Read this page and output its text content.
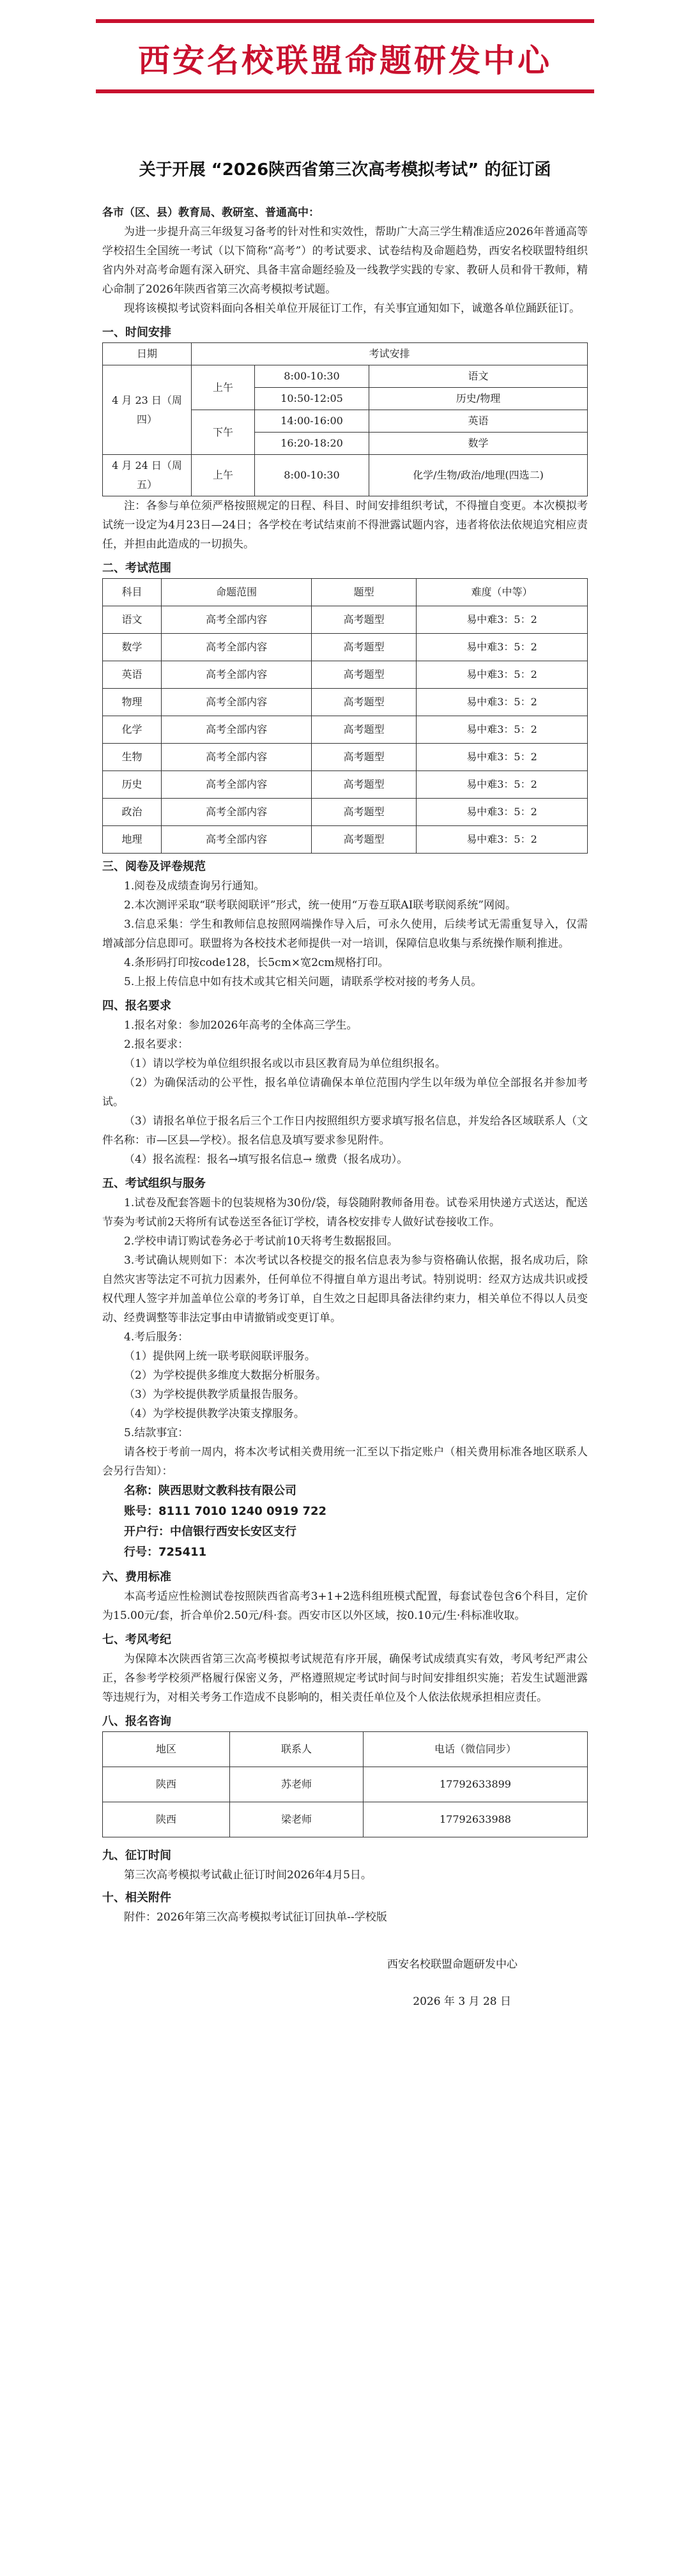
西安名校联盟命题研发中心
关于开展 “2026陕西省第三次高考模拟考试” 的征订函

各市（区、县）教育局、教研室、普通高中：

为进一步提升高三年级复习备考的针对性和实效性，帮助广大高三学生精准适应2026年普通高等学校招生全国统一考试（以下简称“高考”）的考试要求、试卷结构及命题趋势，西安名校联盟特组织省内外对高考命题有深入研究、具备丰富命题经验及一线教学实践的专家、教研人员和骨干教师，精心命制了2026年陕西省第三次高考模拟考试题。

现将该模拟考试资料面向各相关单位开展征订工作，有关事宜通知如下，诚邀各单位踊跃征订。

一、时间安排

日期	考试安排		
4 月 23 日（周四）	上午	8:00-10:30	语文
		10:50-12:05	历史/物理
	下午	14:00-16:00	英语
		16:20-18:20	数学
4 月 24 日（周五）	上午	8:00-10:30	化学/生物/政治/地理(四选二)

注：各参与单位须严格按照规定的日程、科目、时间安排组织考试，不得擅自变更。本次模拟考试统一设定为4月23日—24日；各学校在考试结束前不得泄露试题内容，违者将依法依规追究相应责任，并担由此造成的一切损失。

二、考试范围

科目	命题范围	题型	难度（中等）
语文	高考全部内容	高考题型	易中难3：5：2
数学	高考全部内容	高考题型	易中难3：5：2
英语	高考全部内容	高考题型	易中难3：5：2
物理	高考全部内容	高考题型	易中难3：5：2
化学	高考全部内容	高考题型	易中难3：5：2
生物	高考全部内容	高考题型	易中难3：5：2
历史	高考全部内容	高考题型	易中难3：5：2
政治	高考全部内容	高考题型	易中难3：5：2
地理	高考全部内容	高考题型	易中难3：5：2

三、阅卷及评卷规范

1.阅卷及成绩查询另行通知。

2.本次测评采取“联考联阅联评”形式，统一使用“万卷互联AI联考联阅系统”网阅。

3.信息采集：学生和教师信息按照网端操作导入后，可永久使用，后续考试无需重复导入，仅需增减部分信息即可。联盟将为各校技术老师提供一对一培训，保障信息收集与系统操作顺利推进。

4.条形码打印按code128，长5cm×宽2cm规格打印。

5.上报上传信息中如有技术或其它相关问题，请联系学校对接的考务人员。

四、报名要求

1.报名对象：参加2026年高考的全体高三学生。

2.报名要求：

（1）请以学校为单位组织报名或以市县区教育局为单位组织报名。

（2）为确保活动的公平性，报名单位请确保本单位范围内学生以年级为单位全部报名并参加考试。

（3）请报名单位于报名后三个工作日内按照组织方要求填写报名信息，并发给各区域联系人（文件名称：市—区县—学校）。报名信息及填写要求参见附件。

（4）报名流程：报名→填写报名信息→ 缴费（报名成功）。

五、考试组织与服务

1.试卷及配套答题卡的包装规格为30份/袋，每袋随附教师备用卷。试卷采用快递方式送达，配送节奏为考试前2天将所有试卷送至各征订学校，请各校安排专人做好试卷接收工作。

2.学校申请订购试卷务必于考试前10天将考生数据报回。

3.考试确认规则如下：本次考试以各校提交的报名信息表为参与资格确认依据，报名成功后，除自然灾害等法定不可抗力因素外，任何单位不得擅自单方退出考试。特别说明：经双方达成共识或授权代理人签字并加盖单位公章的考务订单，自生效之日起即具备法律约束力，相关单位不得以人员变动、经费调整等非法定事由申请撤销或变更订单。

4.考后服务：

（1）提供网上统一联考联阅联评服务。

（2）为学校提供多维度大数据分析服务。

（3）为学校提供教学质量报告服务。

（4）为学校提供教学决策支撑服务。

5.结款事宜：

请各校于考前一周内，将本次考试相关费用统一汇至以下指定账户（相关费用标准各地区联系人会另行告知）：

名称：陕西思财文教科技有限公司

账号：8111 7010 1240 0919 722

开户行：中信银行西安长安区支行

行号：725411

六、费用标准

本高考适应性检测试卷按照陕西省高考3+1+2选科组班模式配置，每套试卷包含6个科目，定价为15.00元/套，折合单价2.50元/科·套。西安市区以外区域，按0.10元/生·科标准收取。

七、考风考纪

为保障本次陕西省第三次高考模拟考试规范有序开展，确保考试成绩真实有效，考风考纪严肃公正，各参考学校须严格履行保密义务，严格遵照规定考试时间与时间安排组织实施；若发生试题泄露等违规行为，对相关考务工作造成不良影响的，相关责任单位及个人依法依规承担相应责任。

八、报名咨询

地区	联系人	电话（微信同步）
陕西	苏老师	17792633899
陕西	梁老师	17792633988

九、征订时间

第三次高考模拟考试截止征订时间2026年4月5日。

十、相关附件

附件：2026年第三次高考模拟考试征订回执单--学校版

西安名校联盟命题研发中心

2026 年 3 月 28 日
